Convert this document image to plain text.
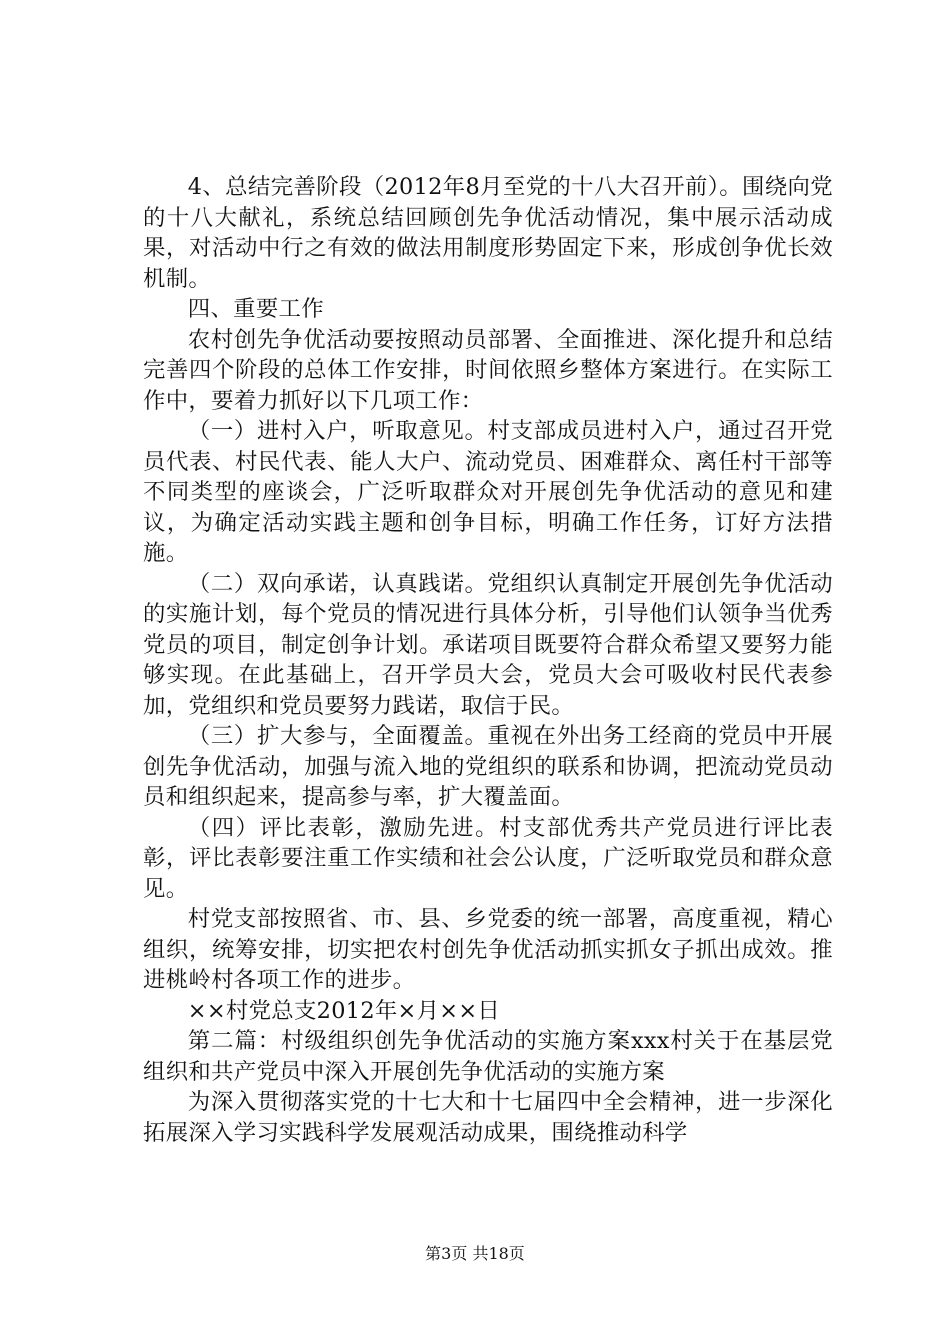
4、总结完善阶段（2012年8月至党的十八大召开前）。围绕向党的十八大献礼，系统总结回顾创先争优活动情况，集中展示活动成果，对活动中行之有效的做法用制度形势固定下来，形成创争优长效机制。

四、重要工作

农村创先争优活动要按照动员部署、全面推进、深化提升和总结完善四个阶段的总体工作安排，时间依照乡整体方案进行。在实际工作中，要着力抓好以下几项工作：

（一）进村入户，听取意见。村支部成员进村入户，通过召开党员代表、村民代表、能人大户、流动党员、困难群众、离任村干部等不同类型的座谈会，广泛听取群众对开展创先争优活动的意见和建议，为确定活动实践主题和创争目标，明确工作任务，订好方法措施。

（二）双向承诺，认真践诺。党组织认真制定开展创先争优活动的实施计划，每个党员的情况进行具体分析，引导他们认领争当优秀党员的项目，制定创争计划。承诺项目既要符合群众希望又要努力能够实现。在此基础上，召开学员大会，党员大会可吸收村民代表参加，党组织和党员要努力践诺，取信于民。

（三）扩大参与，全面覆盖。重视在外出务工经商的党员中开展创先争优活动，加强与流入地的党组织的联系和协调，把流动党员动员和组织起来，提高参与率，扩大覆盖面。

（四）评比表彰，激励先进。村支部优秀共产党员进行评比表彰，评比表彰要注重工作实绩和社会公认度，广泛听取党员和群众意见。

村党支部按照省、市、县、乡党委的统一部署，高度重视，精心组织，统筹安排，切实把农村创先争优活动抓实抓女子抓出成效。推进桃岭村各项工作的进步。

××村党总支2012年×月××日

第二篇：村级组织创先争优活动的实施方案xxx村关于在基层党组织和共产党员中深入开展创先争优活动的实施方案

为深入贯彻落实党的十七大和十七届四中全会精神，进一步深化拓展深入学习实践科学发展观活动成果，围绕推动科学

第3页 共18页
